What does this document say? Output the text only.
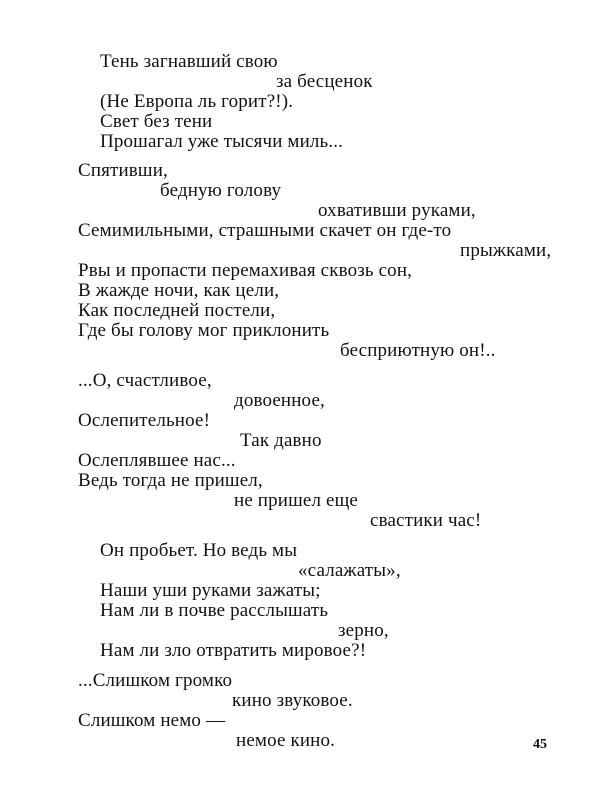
Тень загнавший свою
за бесценок
(Не Европа ль горит?!).
Свет без тени
Прошагал уже тысячи миль...
Спятивши,
бедную голову
охвативши руками,
Семимильными, страшными скачет он где-то
прыжками,
Рвы и пропасти перемахивая сквозь сон,
В жажде ночи, как цели,
Как последней постели,
Где бы голову мог приклонить
бесприютную он!..
...О, счастливое,
довоенное,
Ослепительное!
Так давно
Ослеплявшее нас...
Ведь тогда не пришел,
не пришел еще
свастики час!
Он пробьет. Но ведь мы
«салажаты»,
Наши уши руками зажаты;
Нам ли в почве расслышать
зерно,
Нам ли зло отвратить мировое?!
...Слишком громко
кино звуковое.
Слишком немо —
немое кино.	45
